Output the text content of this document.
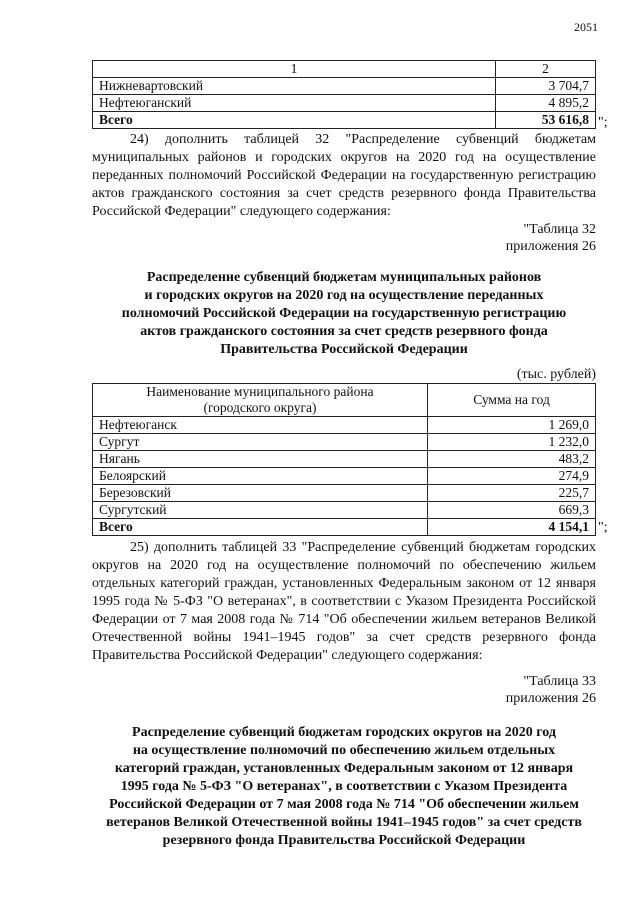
2051
1	2
Нижневартовский	3 704,7
Нефтеюганский	4 895,2
Всего	53 616,8 ";

24) дополнить таблицей 32 "Распределение субвенций бюджетам муниципальных районов и городских округов на 2020 год на осуществление переданных полномочий Российской Федерации на государственную регистрацию актов гражданского состояния за счет средств резервного фонда Правительства Российской Федерации" следующего содержания:

"Таблица 32
приложения 26
Распределение субвенций бюджетам муниципальных районов
и городских округов на 2020 год на осуществление переданных
полномочий Российской Федерации на государственную регистрацию
актов гражданского состояния за счет средств резервного фонда
Правительства Российской Федерации
(тыс. рублей)
Наименование муниципального района
(городского округа)	Сумма на год
Нефтеюганск	1 269,0
Сургут	1 232,0
Нягань	483,2
Белоярский	274,9
Березовский	225,7
Сургутский	669,3
Всего	4 154,1 ";

25) дополнить таблицей 33 "Распределение субвенций бюджетам городских округов на 2020 год на осуществление полномочий по обеспечению жильем отдельных категорий граждан, установленных Федеральным законом от 12 января 1995 года № 5-ФЗ "О ветеранах", в соответствии с Указом Президента Российской Федерации от 7 мая 2008 года № 714 "Об обеспечении жильем ветеранов Великой Отечественной войны 1941–1945 годов" за счет средств резервного фонда Правительства Российской Федерации" следующего содержания:

"Таблица 33
приложения 26
Распределение субвенций бюджетам городских округов на 2020 год
на осуществление полномочий по обеспечению жильем отдельных
категорий граждан, установленных Федеральным законом от 12 января
1995 года № 5-ФЗ "О ветеранах", в соответствии с Указом Президента
Российской Федерации от 7 мая 2008 года № 714 "Об обеспечении жильем
ветеранов Великой Отечественной войны 1941–1945 годов" за счет средств
резервного фонда Правительства Российской Федерации
